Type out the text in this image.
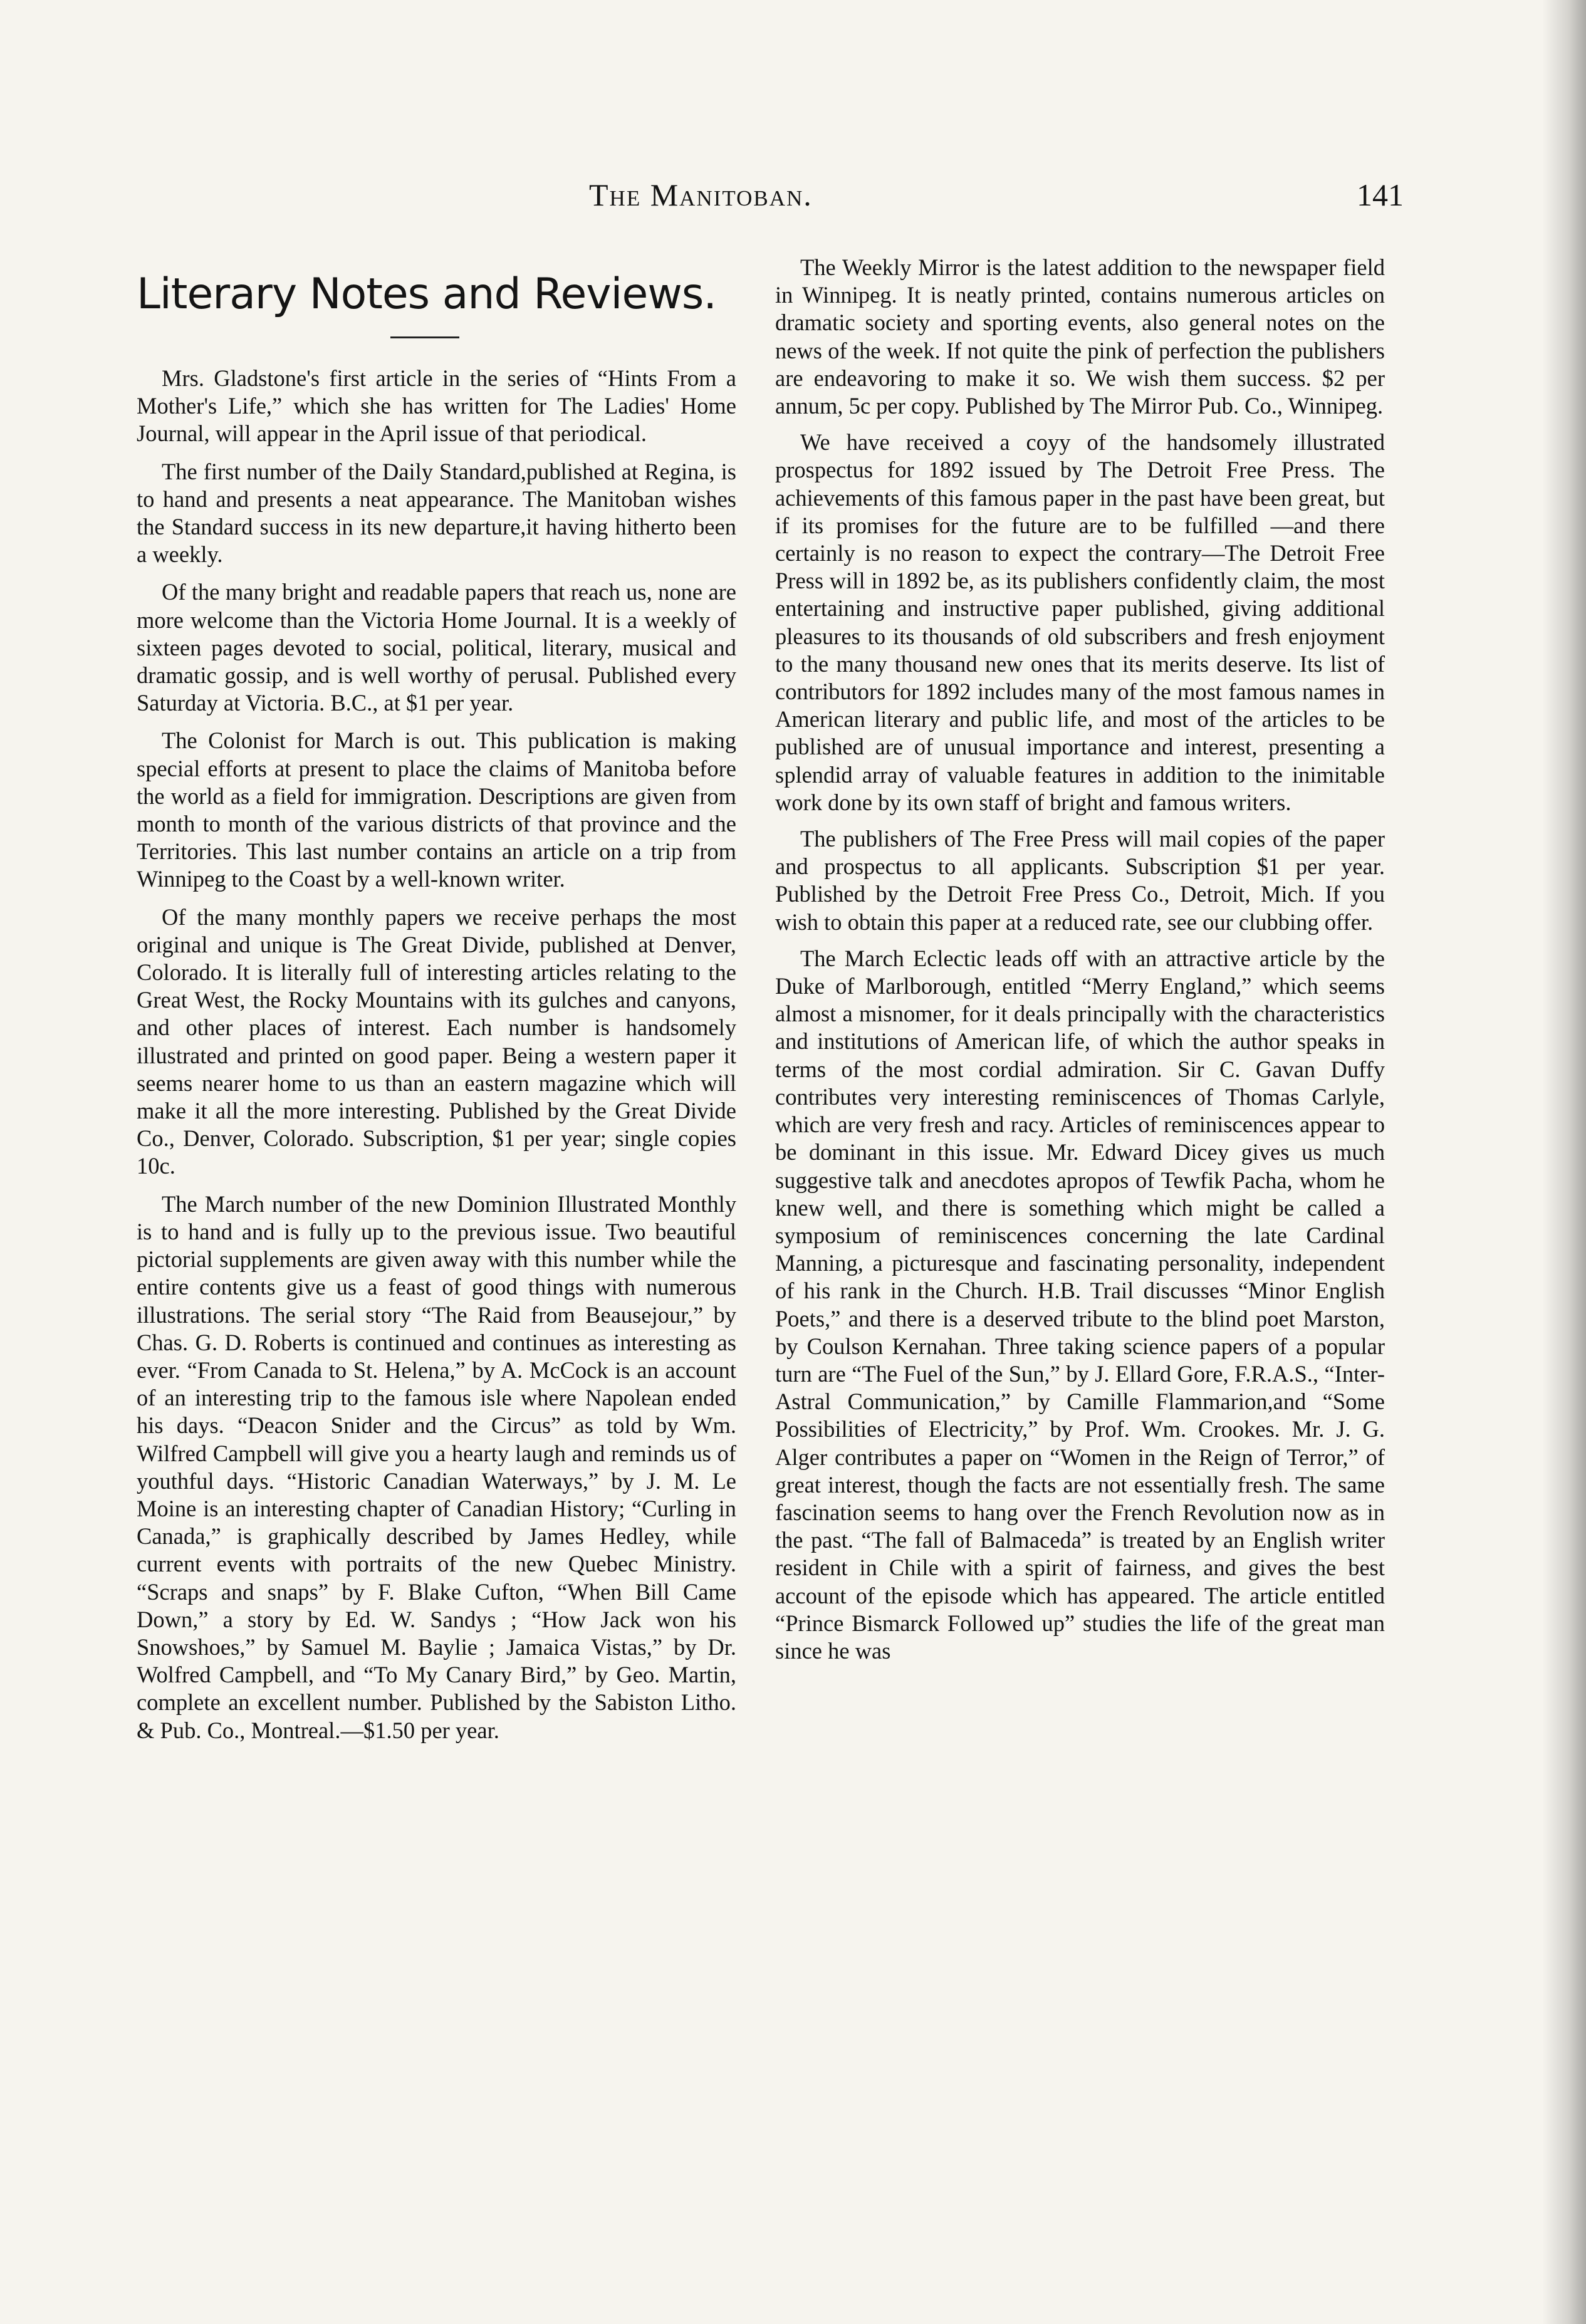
The Manitoban.	141
Literary Notes and Reviews.

Mrs. Gladstone's first article in the series of “Hints From a Mother's Life,” which she has written for The Ladies' Home Journal, will appear in the April issue of that periodical.

The first number of the Daily Standard,published at Regina, is to hand and presents a neat appearance. The Manitoban wishes the Standard success in its new departure,it having hitherto been a weekly.

Of the many bright and readable papers that reach us, none are more welcome than the Victoria Home Journal. It is a weekly of sixteen pages devoted to social, political, literary, musical and dramatic gossip, and is well worthy of perusal. Published every Saturday at Victoria. B.C., at $1 per year.

The Colonist for March is out. This publication is making special efforts at present to place the claims of Manitoba before the world as a field for immigration. Descriptions are given from month to month of the various districts of that province and the Territories. This last number contains an article on a trip from Winnipeg to the Coast by a well-known writer.

Of the many monthly papers we receive perhaps the most original and unique is The Great Divide, published at Denver, Colorado. It is literally full of interesting articles relating to the Great West, the Rocky Mountains with its gulches and canyons, and other places of interest. Each number is handsomely illustrated and printed on good paper. Being a western paper it seems nearer home to us than an eastern magazine which will make it all the more interesting. Published by the Great Divide Co., Denver, Colorado. Subscription, $1 per year; single copies 10c.

The March number of the new Dominion Illustrated Monthly is to hand and is fully up to the previous issue. Two beautiful pictorial supplements are given away with this number while the entire contents give us a feast of good things with numerous illustrations. The serial story “The Raid from Beausejour,” by Chas. G. D. Roberts is continued and continues as interesting as ever. “From Canada to St. Helena,” by A. McCock is an account of an interesting trip to the famous isle where Napolean ended his days. “Deacon Snider and the Circus” as told by Wm. Wilfred Campbell will give you a hearty laugh and reminds us of youthful days. “Historic Canadian Waterways,” by J. M. Le Moine is an interesting chapter of Canadian History; “Curling in Canada,” is graphically described by James Hedley, while current events with portraits of the new Quebec Ministry. “Scraps and snaps” by F. Blake Cufton, “When Bill Came Down,” a story by Ed. W. Sandys ; “How Jack won his Snowshoes,” by Samuel M. Baylie ; Jamaica Vistas,” by Dr. Wolfred Campbell, and “To My Canary Bird,” by Geo. Martin, complete an excellent number. Published by the Sabiston Litho. & Pub. Co., Montreal.—$1.50 per year.

The Weekly Mirror is the latest addition to the newspaper field in Winnipeg. It is neatly printed, contains numerous articles on dramatic society and sporting events, also general notes on the news of the week. If not quite the pink of perfection the publishers are endeavoring to make it so. We wish them success. $2 per annum, 5c per copy. Published by The Mirror Pub. Co., Winnipeg.

We have received a coyy of the handsomely illustrated prospectus for 1892 issued by The Detroit Free Press. The achievements of this famous paper in the past have been great, but if its promises for the future are to be fulfilled —and there certainly is no reason to expect the contrary—The Detroit Free Press will in 1892 be, as its publishers confidently claim, the most entertaining and instructive paper published, giving additional pleasures to its thousands of old subscribers and fresh enjoyment to the many thousand new ones that its merits deserve. Its list of contributors for 1892 includes many of the most famous names in American literary and public life, and most of the articles to be published are of unusual importance and interest, presenting a splendid array of valuable features in addition to the inimitable work done by its own staff of bright and famous writers.

The publishers of The Free Press will mail copies of the paper and prospectus to all applicants. Subscription $1 per year. Published by the Detroit Free Press Co., Detroit, Mich. If you wish to obtain this paper at a reduced rate, see our clubbing offer.

The March Eclectic leads off with an attractive article by the Duke of Marlborough, entitled “Merry England,” which seems almost a misnomer, for it deals principally with the characteristics and institutions of American life, of which the author speaks in terms of the most cordial admiration. Sir C. Gavan Duffy contributes very interesting reminiscences of Thomas Carlyle, which are very fresh and racy. Articles of reminiscences appear to be dominant in this issue. Mr. Edward Dicey gives us much suggestive talk and anecdotes apropos of Tewfik Pacha, whom he knew well, and there is something which might be called a symposium of reminiscences concerning the late Cardinal Manning, a picturesque and fascinating personality, independent of his rank in the Church. H.B. Trail discusses “Minor English Poets,” and there is a deserved tribute to the blind poet Marston, by Coulson Kernahan. Three taking science papers of a popular turn are “The Fuel of the Sun,” by J. Ellard Gore, F.R.A.S., “Inter-Astral Communication,” by Camille Flammarion,and “Some Possibilities of Electricity,” by Prof. Wm. Crookes. Mr. J. G. Alger contributes a paper on “Women in the Reign of Terror,” of great interest, though the facts are not essentially fresh. The same fascination seems to hang over the French Revolution now as in the past. “The fall of Balmaceda” is treated by an English writer resident in Chile with a spirit of fairness, and gives the best account of the episode which has appeared. The article entitled “Prince Bismarck Followed up” studies the life of the great man since he was
